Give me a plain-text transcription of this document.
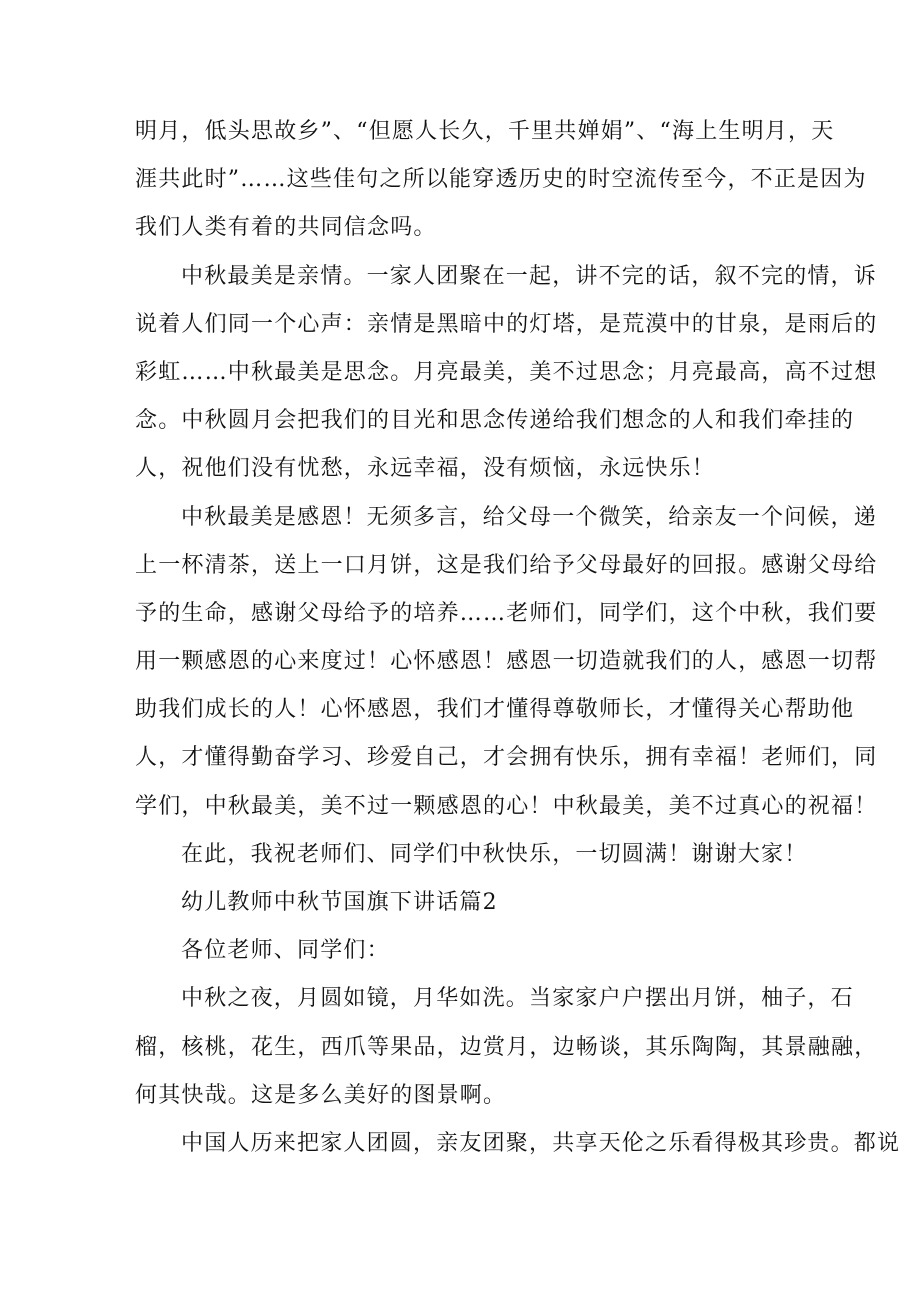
明月，低头思故乡”、“但愿人长久，千里共婵娟”、“海上生明月，天
涯共此时”……这些佳句之所以能穿透历史的时空流传至今，不正是因为
我们人类有着的共同信念吗。
中秋最美是亲情。一家人团聚在一起，讲不完的话，叙不完的情，诉
说着人们同一个心声：亲情是黑暗中的灯塔，是荒漠中的甘泉，是雨后的
彩虹……中秋最美是思念。月亮最美，美不过思念；月亮最高，高不过想
念。中秋圆月会把我们的目光和思念传递给我们想念的人和我们牵挂的
人，祝他们没有忧愁，永远幸福，没有烦恼，永远快乐！
中秋最美是感恩！无须多言，给父母一个微笑，给亲友一个问候，递
上一杯清茶，送上一口月饼，这是我们给予父母最好的回报。感谢父母给
予的生命，感谢父母给予的培养……老师们，同学们，这个中秋，我们要
用一颗感恩的心来度过！心怀感恩！感恩一切造就我们的人，感恩一切帮
助我们成长的人！心怀感恩，我们才懂得尊敬师长，才懂得关心帮助他
人，才懂得勤奋学习、珍爱自己，才会拥有快乐，拥有幸福！老师们，同
学们，中秋最美，美不过一颗感恩的心！中秋最美，美不过真心的祝福！
在此，我祝老师们、同学们中秋快乐，一切圆满！谢谢大家！
幼儿教师中秋节国旗下讲话篇2
各位老师、同学们：
中秋之夜，月圆如镜，月华如洗。当家家户户摆出月饼，柚子，石
榴，核桃，花生，西爪等果品，边赏月，边畅谈，其乐陶陶，其景融融，
何其快哉。这是多么美好的图景啊。
中国人历来把家人团圆，亲友团聚，共享天伦之乐看得极其珍贵。都说
